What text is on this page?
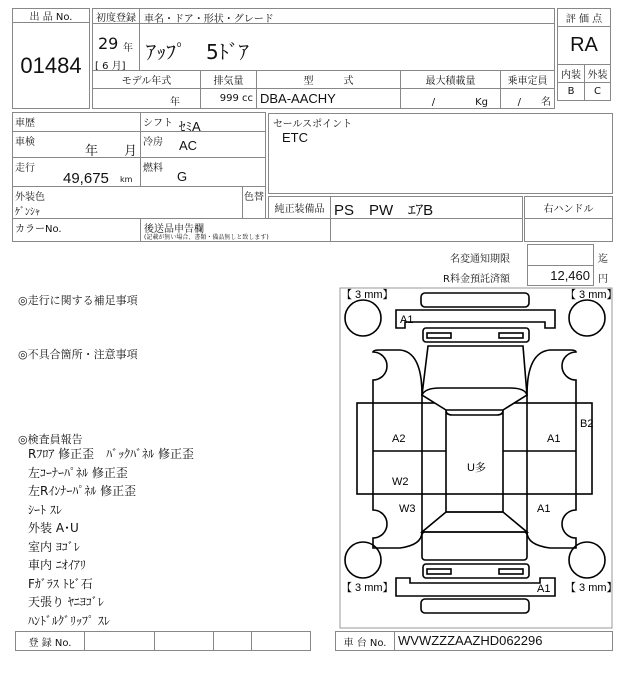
出 品 No.
01484
初度登録 車名・ドア・形状・グレード
29 年
[ 6 月]
ｱｯﾌﾟ　5ﾄﾞｱ
モデル年式	排気量	型　　　式	最大積載量	乗車定員
年	999 cc DBA-AACHY	/　　　　Kg	/　　名
評 価 点
RA
内装 外装
B	C
車歴	シフト ｾﾐA
車検
年　　月
冷房 AC
走行
49,675 km
燃料
G
外装色
ｹﾞﾝｼｬ
色替
カラーNo.	後送品申告欄
(記載が無い場合、書類・備品無しと致します)
セールスポイント
ETC
純正装備品 PS　PW　ｴｱB	右ハンドル
名変通知期限	迄
R料金預託済額	12,460 円
◎走行に関する補足事項
◎不具合箇所・注意事項
◎検査員報告
Rﾌﾛｱ 修正歪　ﾊﾞｯｸﾊﾞﾈﾙ 修正歪
左ｺｰﾅｰﾊﾟﾈﾙ 修正歪
左Rｲﾝﾅｰﾊﾟﾈﾙ 修正歪
ｼｰﾄ ｽﾚ
外装 A･U
室内 ﾖｺﾞﾚ
車内 ﾆｵｲｱﾘ
Fｶﾞﾗｽ ﾄﾋﾞ石
天張り ﾔﾆﾖｺﾞﾚ
ﾊﾝﾄﾞﾙｸﾞﾘｯﾌﾟ ｽﾚ
【 3 mm】	【 3 mm】
【 3 mm】	【 3 mm】
A1
A2	A1
B2
U多
W2
W3	A1
A1
登 録 No.	車 台 No. WVWZZZAAZHD062296
